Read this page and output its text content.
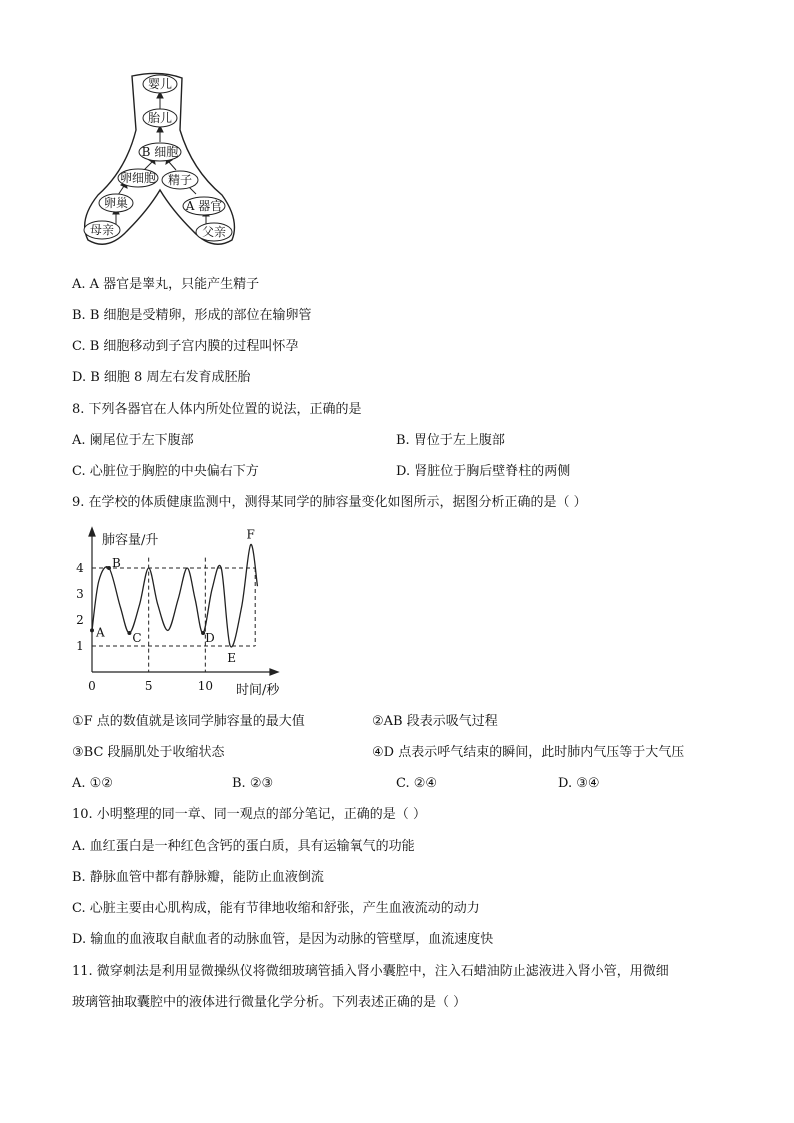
婴儿
胎儿
B 细胞
卵细胞 精子
卵巢	A 器官
母亲	父亲
A. A 器官是睾丸，只能产生精子
B. B 细胞是受精卵，形成的部位在输卵管
C. B 细胞移动到子宫内膜的过程叫怀孕
D. B 细胞 8 周左右发育成胚胎
8. 下列各器官在人体内所处位置的说法，正确的是
A. 阑尾位于左下腹部	B. 胃位于左上腹部
C. 心脏位于胸腔的中央偏右下方	D. 肾脏位于胸后壁脊柱的两侧
9. 在学校的体质健康监测中，测得某同学的肺容量变化如图所示，据图分析正确的是（ ）
0	5	10
1
2
3
4
A
B
C	D
E
F
肺容量/升
时间/秒
①F 点的数值就是该同学肺容量的最大值	②AB 段表示吸气过程
③BC 段膈肌处于收缩状态	④D 点表示呼气结束的瞬间，此时肺内气压等于大气压
A. ①②	B. ②③	C. ②④	D. ③④
10. 小明整理的同一章、同一观点的部分笔记，正确的是（ ）
A. 血红蛋白是一种红色含钙的蛋白质，具有运输氧气的功能
B. 静脉血管中都有静脉瓣，能防止血液倒流
C. 心脏主要由心肌构成，能有节律地收缩和舒张，产生血液流动的动力
D. 输血的血液取自献血者的动脉血管，是因为动脉的管壁厚，血流速度快
11. 微穿刺法是利用显微操纵仪将微细玻璃管插入肾小囊腔中，注入石蜡油防止滤液进入肾小管，用微细
玻璃管抽取囊腔中的液体进行微量化学分析。下列表述正确的是（ ）
